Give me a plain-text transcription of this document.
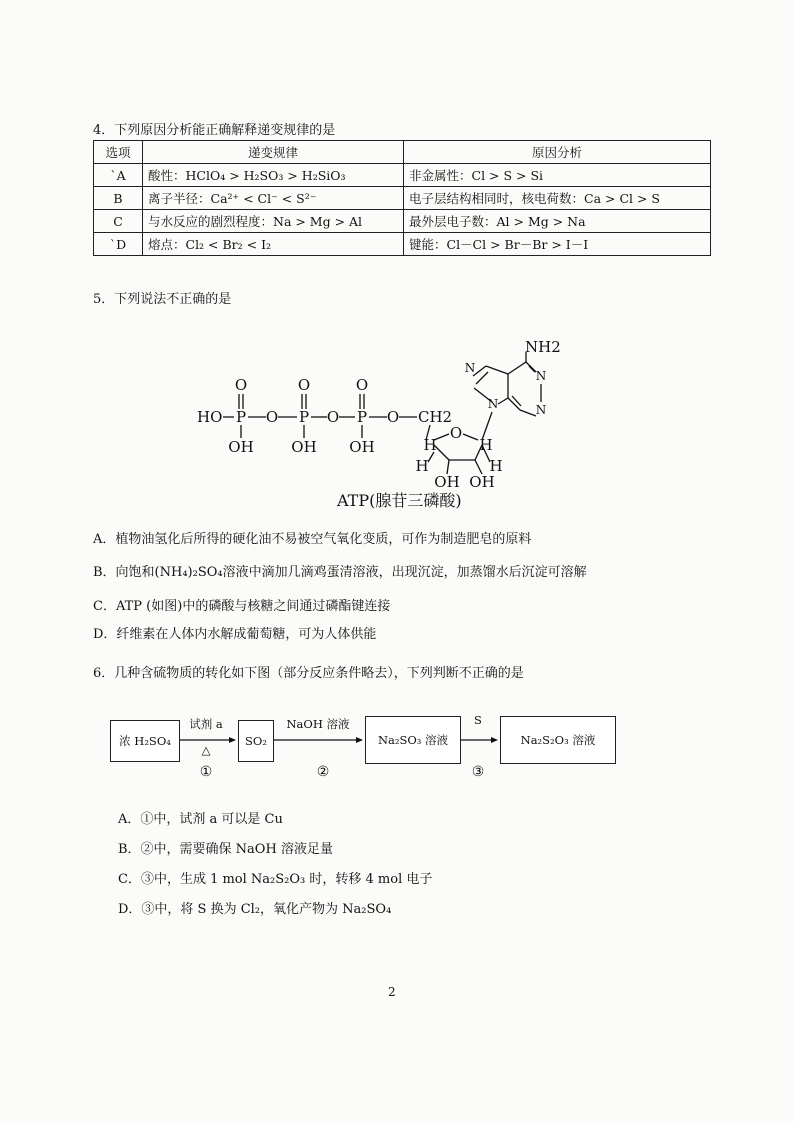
4．下列原因分析能正确解释递变规律的是
选项	递变规律	原因分析
`A	酸性：HClO₄ > H₂SO₃ > H₂SiO₃	非金属性：Cl > S > Si
B	离子半径：Ca²⁺ < Cl⁻ < S²⁻	电子层结构相同时，核电荷数：Ca > Cl > S
C	与水反应的剧烈程度：Na > Mg > Al	最外层电子数：Al > Mg > Na
`D	熔点：Cl₂ < Br₂ < I₂	键能：Cl－Cl > Br－Br > I－I
5．下列说法不正确的是
O	O	O
HO P O P O P O CH2
OH	OH OH
O
H	H
H	H
OH OH
NH2
N
N
N
N
ATP(腺苷三磷酸)
A．植物油氢化后所得的硬化油不易被空气氧化变质，可作为制造肥皂的原料
B．向饱和(NH₄)₂SO₄溶液中滴加几滴鸡蛋清溶液，出现沉淀，加蒸馏水后沉淀可溶解
C．ATP (如图)中的磷酸与核糖之间通过磷酯键连接
D．纤维素在人体内水解成葡萄糖，可为人体供能
6．几种含硫物质的转化如下图（部分反应条件略去），下列判断不正确的是
浓 H₂SO₄	SO₂	Na₂SO₃ 溶液	Na₂S₂O₃ 溶液
试剂 a
△
NaOH 溶液	S
①	②	③
A．①中，试剂 a 可以是 Cu
B．②中，需要确保 NaOH 溶液足量
C．③中，生成 1 mol Na₂S₂O₃ 时，转移 4 mol 电子
D．③中，将 S 换为 Cl₂，氧化产物为 Na₂SO₄
2
